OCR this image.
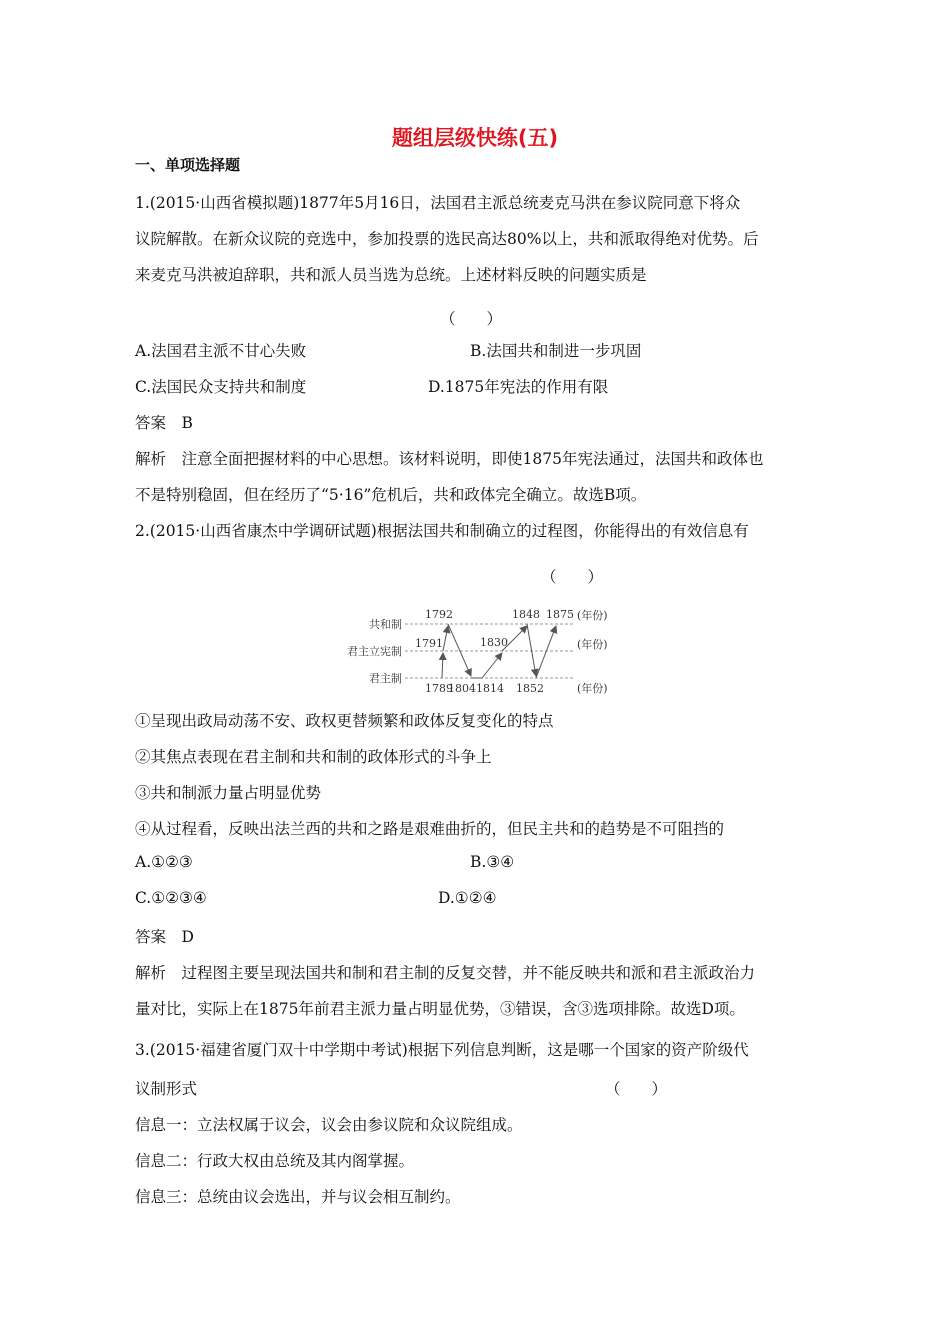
题组层级快练(五)
一、单项选择题
1.(2015·山西省模拟题)1877年5月16日，法国君主派总统麦克马洪在参议院同意下将众
议院解散。在新众议院的竞选中，参加投票的选民高达80%以上，共和派取得绝对优势。后
来麦克马洪被迫辞职，共和派人员当选为总统。上述材料反映的问题实质是
（　　）
A.法国君主派不甘心失败	B.法国共和制进一步巩固
C.法国民众支持共和制度	D.1875年宪法的作用有限
答案　B
解析　注意全面把握材料的中心思想。该材料说明，即使1875年宪法通过，法国共和政体也
不是特别稳固，但在经历了“5·16”危机后，共和政体完全确立。故选B项。
2.(2015·山西省康杰中学调研试题)根据法国共和制确立的过程图，你能得出的有效信息有
（　　）
共和制
君主立宪制
君主制
(年份)
(年份)
(年份)
1792
1791
1789
1804 1814
1830
1848
1852
1875
①呈现出政局动荡不安、政权更替频繁和政体反复变化的特点
②其焦点表现在君主制和共和制的政体形式的斗争上
③共和制派力量占明显优势
④从过程看，反映出法兰西的共和之路是艰难曲折的，但民主共和的趋势是不可阻挡的
A.①②③	B.③④
C.①②③④	D.①②④
答案　D
解析　过程图主要呈现法国共和制和君主制的反复交替，并不能反映共和派和君主派政治力
量对比，实际上在1875年前君主派力量占明显优势，③错误，含③选项排除。故选D项。
3.(2015·福建省厦门双十中学期中考试)根据下列信息判断，这是哪一个国家的资产阶级代
议制形式	（　　）
信息一：立法权属于议会，议会由参议院和众议院组成。
信息二：行政大权由总统及其内阁掌握。
信息三：总统由议会选出，并与议会相互制约。
